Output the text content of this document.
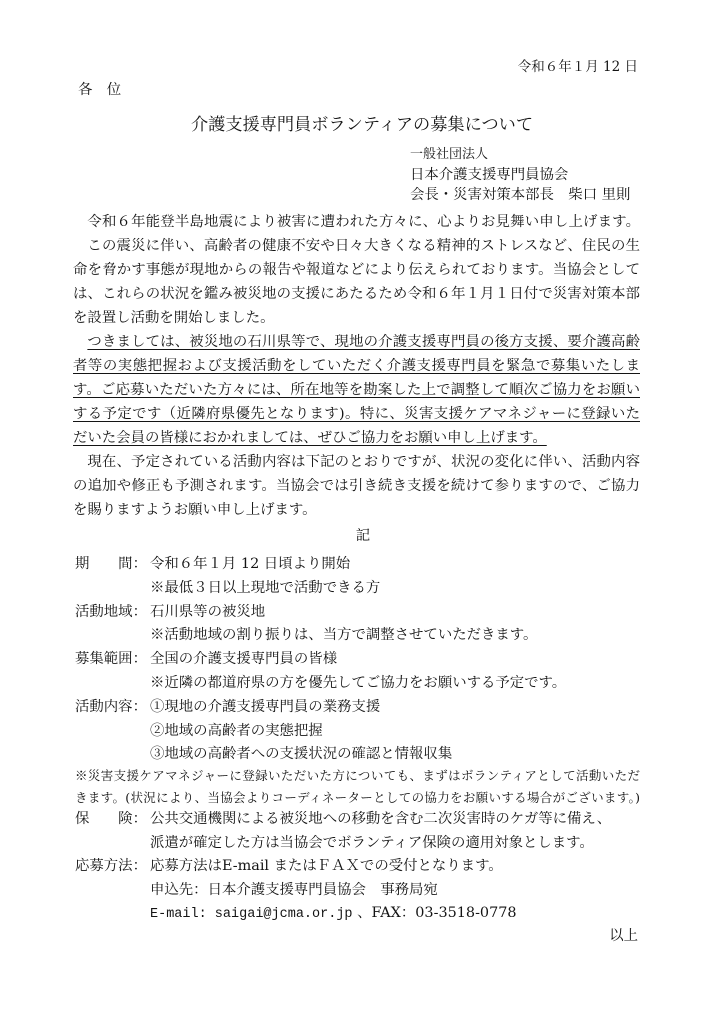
令和６年１月 12 日
各　位
介護支援専門員ボランティアの募集について
一般社団法人
日本介護支援専門員協会
会長・災害対策本部長　柴口 里則
令和６年能登半島地震により被害に遭われた方々に、心よりお見舞い申し上げます。
この震災に伴い、高齢者の健康不安や日々大きくなる精神的ストレスなど、住民の生
命を脅かす事態が現地からの報告や報道などにより伝えられております。当協会として
は、これらの状況を鑑み被災地の支援にあたるため令和６年１月１日付で災害対策本部
を設置し活動を開始しました。
つきましては、被災地の石川県等で、現地の介護支援専門員の後方支援、要介護高齢
者等の実態把握および支援活動をしていただく介護支援専門員を緊急で募集いたしま
す。ご応募いただいた方々には、所在地等を勘案した上で調整して順次ご協力をお願い
する予定です（近隣府県優先となります)。特に、災害支援ケアマネジャーに登録いた
だいた会員の皆様におかれましては、ぜひご協力をお願い申し上げます。
現在、予定されている活動内容は下記のとおりですが、状況の変化に伴い、活動内容
の追加や修正も予測されます。当協会では引き続き支援を続けて参りますので、ご協力
を賜りますようお願い申し上げます。
記
期　　間： 令和６年１月 12 日頃より開始
※最低３日以上現地で活動できる方
活動地域： 石川県等の被災地
※活動地域の割り振りは、当方で調整させていただきます。
募集範囲： 全国の介護支援専門員の皆様
※近隣の都道府県の方を優先してご協力をお願いする予定です。
活動内容： ①現地の介護支援専門員の業務支援
②地域の高齢者の実態把握
③地域の高齢者への支援状況の確認と情報収集
※災害支援ケアマネジャーに登録いただいた方についても、まずはボランティアとして活動いただ
きます。(状況により、当協会よりコーディネーターとしての協力をお願いする場合がございます。)
保　　険： 公共交通機関による被災地への移動を含む二次災害時のケガ等に備え、
派遣が確定した方は当協会でボランティア保険の適用対象とします。
応募方法： 応募方法はE-mail またはＦＡＸでの受付となります。
申込先：日本介護支援専門員協会　事務局宛
E-mail: saigai@jcma.or.jp 、FAX：03-3518-0778
以上
